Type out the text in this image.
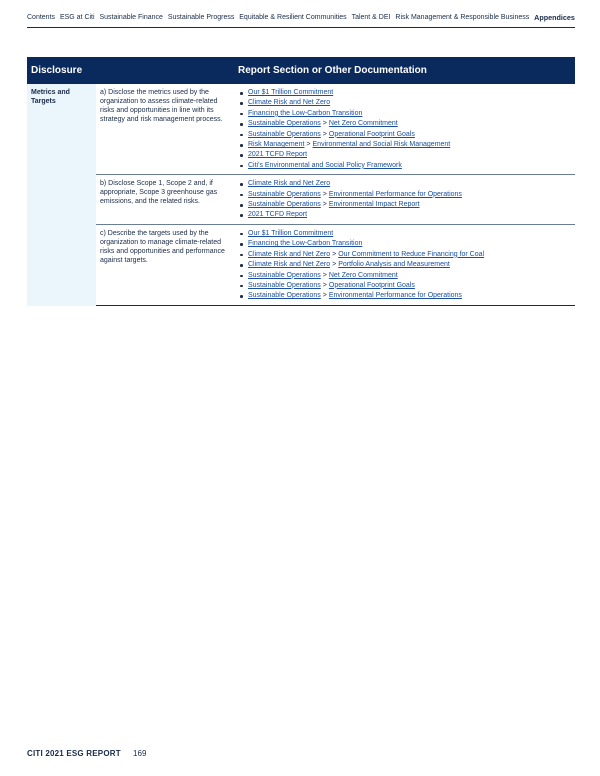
Contents ESG at Citi Sustainable Finance Sustainable Progress Equitable & Resilient Communities Talent & DEI Risk Management & Responsible Business Appendices
Disclosure	Report Section or Other Documentation
Metrics and Targets
a) Disclose the metrics used by the organization to assess climate-related risks and opportunities in line with its strategy and risk management process.
Our $1 Trillion Commitment
Climate Risk and Net Zero
Financing the Low-Carbon Transition
Sustainable Operations > Net Zero Commitment
Sustainable Operations > Operational Footprint Goals
Risk Management > Environmental and Social Risk Management
2021 TCFD Report
Citi's Environmental and Social Policy Framework
b) Disclose Scope 1, Scope 2 and, if appropriate, Scope 3 greenhouse gas emissions, and the related risks.
Climate Risk and Net Zero
Sustainable Operations > Environmental Performance for Operations
Sustainable Operations > Environmental Impact Report
2021 TCFD Report
c) Describe the targets used by the organization to manage climate-related risks and opportunities and performance against targets.
Our $1 Trillion Commitment
Financing the Low-Carbon Transition
Climate Risk and Net Zero > Our Commitment to Reduce Financing for Coal
Climate Risk and Net Zero > Portfolio Analysis and Measurement
Sustainable Operations > Net Zero Commitment
Sustainable Operations > Operational Footprint Goals
Sustainable Operations > Environmental Performance for Operations
CITI 2021 ESG REPORT 169
